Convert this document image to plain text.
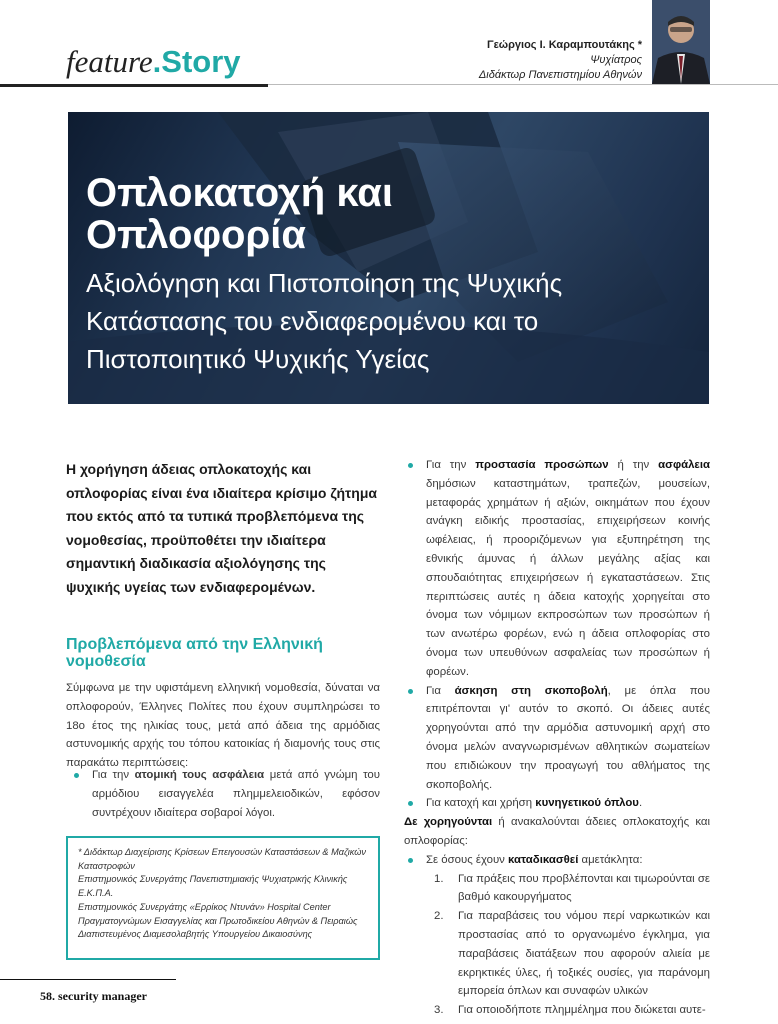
feature.Story	Γεώργιος Ι. Καραμπουτάκης *
Ψυχίατρος
Διδάκτωρ Πανεπιστημίου Αθηνών
Οπλοκατοχή και
Οπλοφορία
Αξιολόγηση και Πιστοποίηση της Ψυχικής
Κατάστασης του ενδιαφερομένου και το
Πιστοποιητικό Ψυχικής Υγείας
Η χορήγηση άδειας οπλοκατοχής και οπλοφορίας είναι ένα ιδιαίτερα κρίσιμο ζήτημα που εκτός από τα τυπικά προβλεπόμενα της νομοθεσίας, προϋποθέτει την ιδιαίτερα σημαντική διαδικασία αξιολόγησης της ψυχικής υγείας των ενδιαφερομένων.
Προβλεπόμενα από την Ελληνική νομοθεσία
Σύμφωνα με την υφιστάμενη ελληνική νομοθεσία, δύναται να οπλοφορούν, Έλληνες Πολίτες που έχουν συμπληρώσει το 18ο έτος της ηλικίας τους, μετά από άδεια της αρμόδιας αστυνομικής αρχής του τόπου κατοικίας ή διαμονής τους στις παρακάτω περιπτώσεις:
Για την ατομική τους ασφάλεια μετά από γνώμη του αρμόδιου εισαγγελέα πλημμελειοδικών, εφόσον συντρέχουν ιδιαίτερα σοβαροί λόγοι.
* Διδάκτωρ Διαχείρισης Κρίσεων Επειγουσών Καταστάσεων & Μαζικών Καταστροφών
Επιστημονικός Συνεργάτης Πανεπιστημιακής Ψυχιατρικής Κλινικής Ε.Κ.Π.Α.
Επιστημονικός Συνεργάτης «Ερρίκος Ντυνάν» Hospital Center
Πραγματογνώμων Εισαγγελίας και Πρωτοδικείου Αθηνών & Πειραιώς
Διαπιστευμένος Διαμεσολαβητής Υπουργείου Δικαιοσύνης
Για την προστασία προσώπων ή την ασφάλεια δημόσιων καταστημάτων, τραπεζών, μουσείων, μεταφοράς χρημάτων ή αξιών, οικημάτων που έχουν ανάγκη ειδικής προστασίας, επιχειρήσεων κοινής ωφέλειας, ή προοριζόμενων για εξυπηρέτηση της εθνικής άμυνας ή άλλων μεγάλης αξίας και σπουδαιότητας επιχειρήσεων ή εγκαταστάσεων. Στις περιπτώσεις αυτές η άδεια κατοχής χορηγείται στο όνομα των νόμιμων εκπροσώπων των προσώπων ή των ανωτέρω φορέων, ενώ η άδεια οπλοφορίας στο όνομα των υπευθύνων ασφαλείας των προσώπων ή φορέων.
Για άσκηση στη σκοποβολή, με όπλα που επιτρέπονται γι' αυτόν το σκοπό. Οι άδειες αυτές χορηγούνται από την αρμόδια αστυνομική αρχή στο όνομα μελών αναγνωρισμένων αθλητικών σωματείων που επιδιώκουν την προαγωγή του αθλήματος της σκοποβολής.
Για κατοχή και χρήση κυνηγετικού όπλου.
Δε χορηγούνται ή ανακαλούνται άδειες οπλοκατοχής και οπλοφορίας:
Σε όσους έχουν καταδικασθεί αμετάκλητα:
1. Για πράξεις που προβλέπονται και τιμωρούνται σε βαθμό κακουργήματος
2. Για παραβάσεις του νόμου περί ναρκωτικών και προστασίας από το οργανωμένο έγκλημα, για παραβάσεις διατάξεων που αφορούν αλιεία με εκρηκτικές ύλες, ή τοξικές ουσίες, για παράνομη εμπορεία όπλων και συναφών υλικών
3. Για οποιοδήποτε πλημμέλημα που διώκεται αυτε-
58. security manager
